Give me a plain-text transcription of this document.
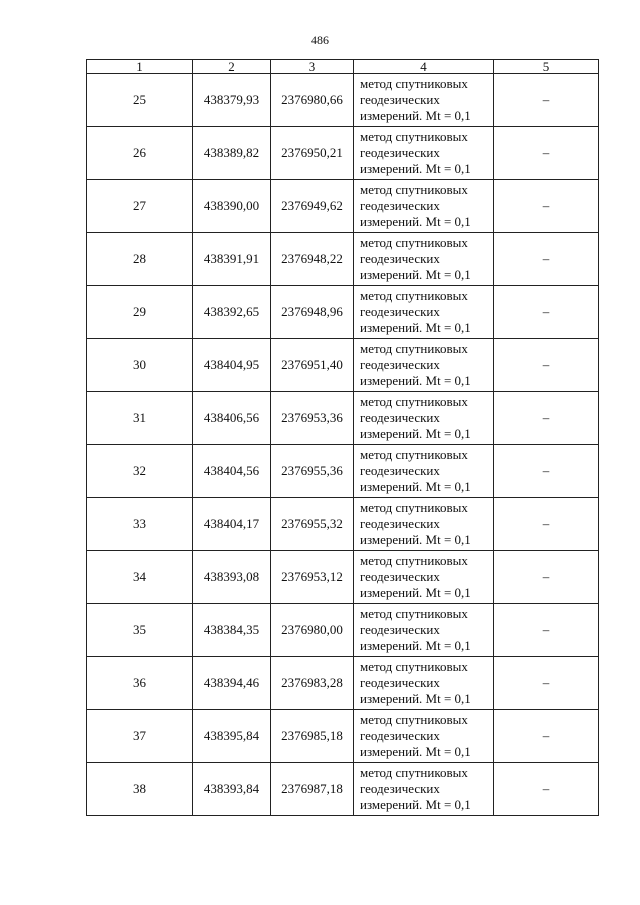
486
1	2	3	4	5
25	438379,93	2376980,66	метод спутниковых
геодезических
измерений. Mt = 0,1	–
26	438389,82	2376950,21	метод спутниковых
геодезических
измерений. Mt = 0,1	–
27	438390,00	2376949,62	метод спутниковых
геодезических
измерений. Mt = 0,1	–
28	438391,91	2376948,22	метод спутниковых
геодезических
измерений. Mt = 0,1	–
29	438392,65	2376948,96	метод спутниковых
геодезических
измерений. Mt = 0,1	–
30	438404,95	2376951,40	метод спутниковых
геодезических
измерений. Mt = 0,1	–
31	438406,56	2376953,36	метод спутниковых
геодезических
измерений. Mt = 0,1	–
32	438404,56	2376955,36	метод спутниковых
геодезических
измерений. Mt = 0,1	–
33	438404,17	2376955,32	метод спутниковых
геодезических
измерений. Mt = 0,1	–
34	438393,08	2376953,12	метод спутниковых
геодезических
измерений. Mt = 0,1	–
35	438384,35	2376980,00	метод спутниковых
геодезических
измерений. Mt = 0,1	–
36	438394,46	2376983,28	метод спутниковых
геодезических
измерений. Mt = 0,1	–
37	438395,84	2376985,18	метод спутниковых
геодезических
измерений. Mt = 0,1	–
38	438393,84	2376987,18	метод спутниковых
геодезических
измерений. Mt = 0,1	–
